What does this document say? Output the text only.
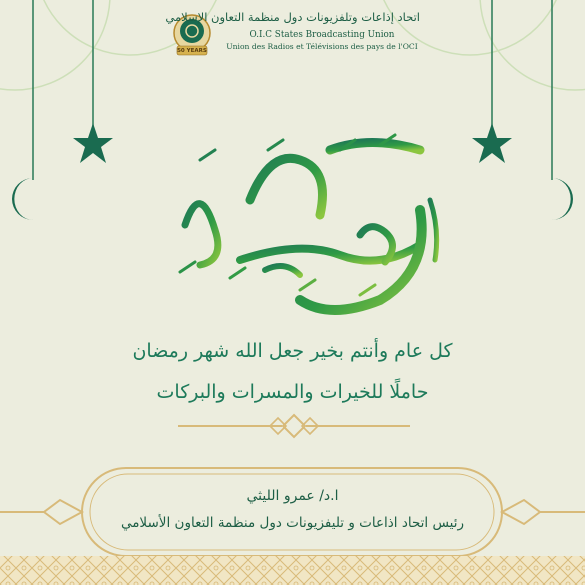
اتحاد إذاعات وتلفزيونات دول منظمة التعاون الإسلامي
O.I.C States Broadcasting Union
Union des Radios et Télévisions des pays de l'OCI
50 YEARS
كل عام وأنتم بخير جعل الله شهر رمضان
حاملًا للخيرات والمسرات والبركات
ا.د/ عمرو الليثي
رئيس اتحاد اذاعات و تليفزيونات دول منظمة التعاون الأسلامي
